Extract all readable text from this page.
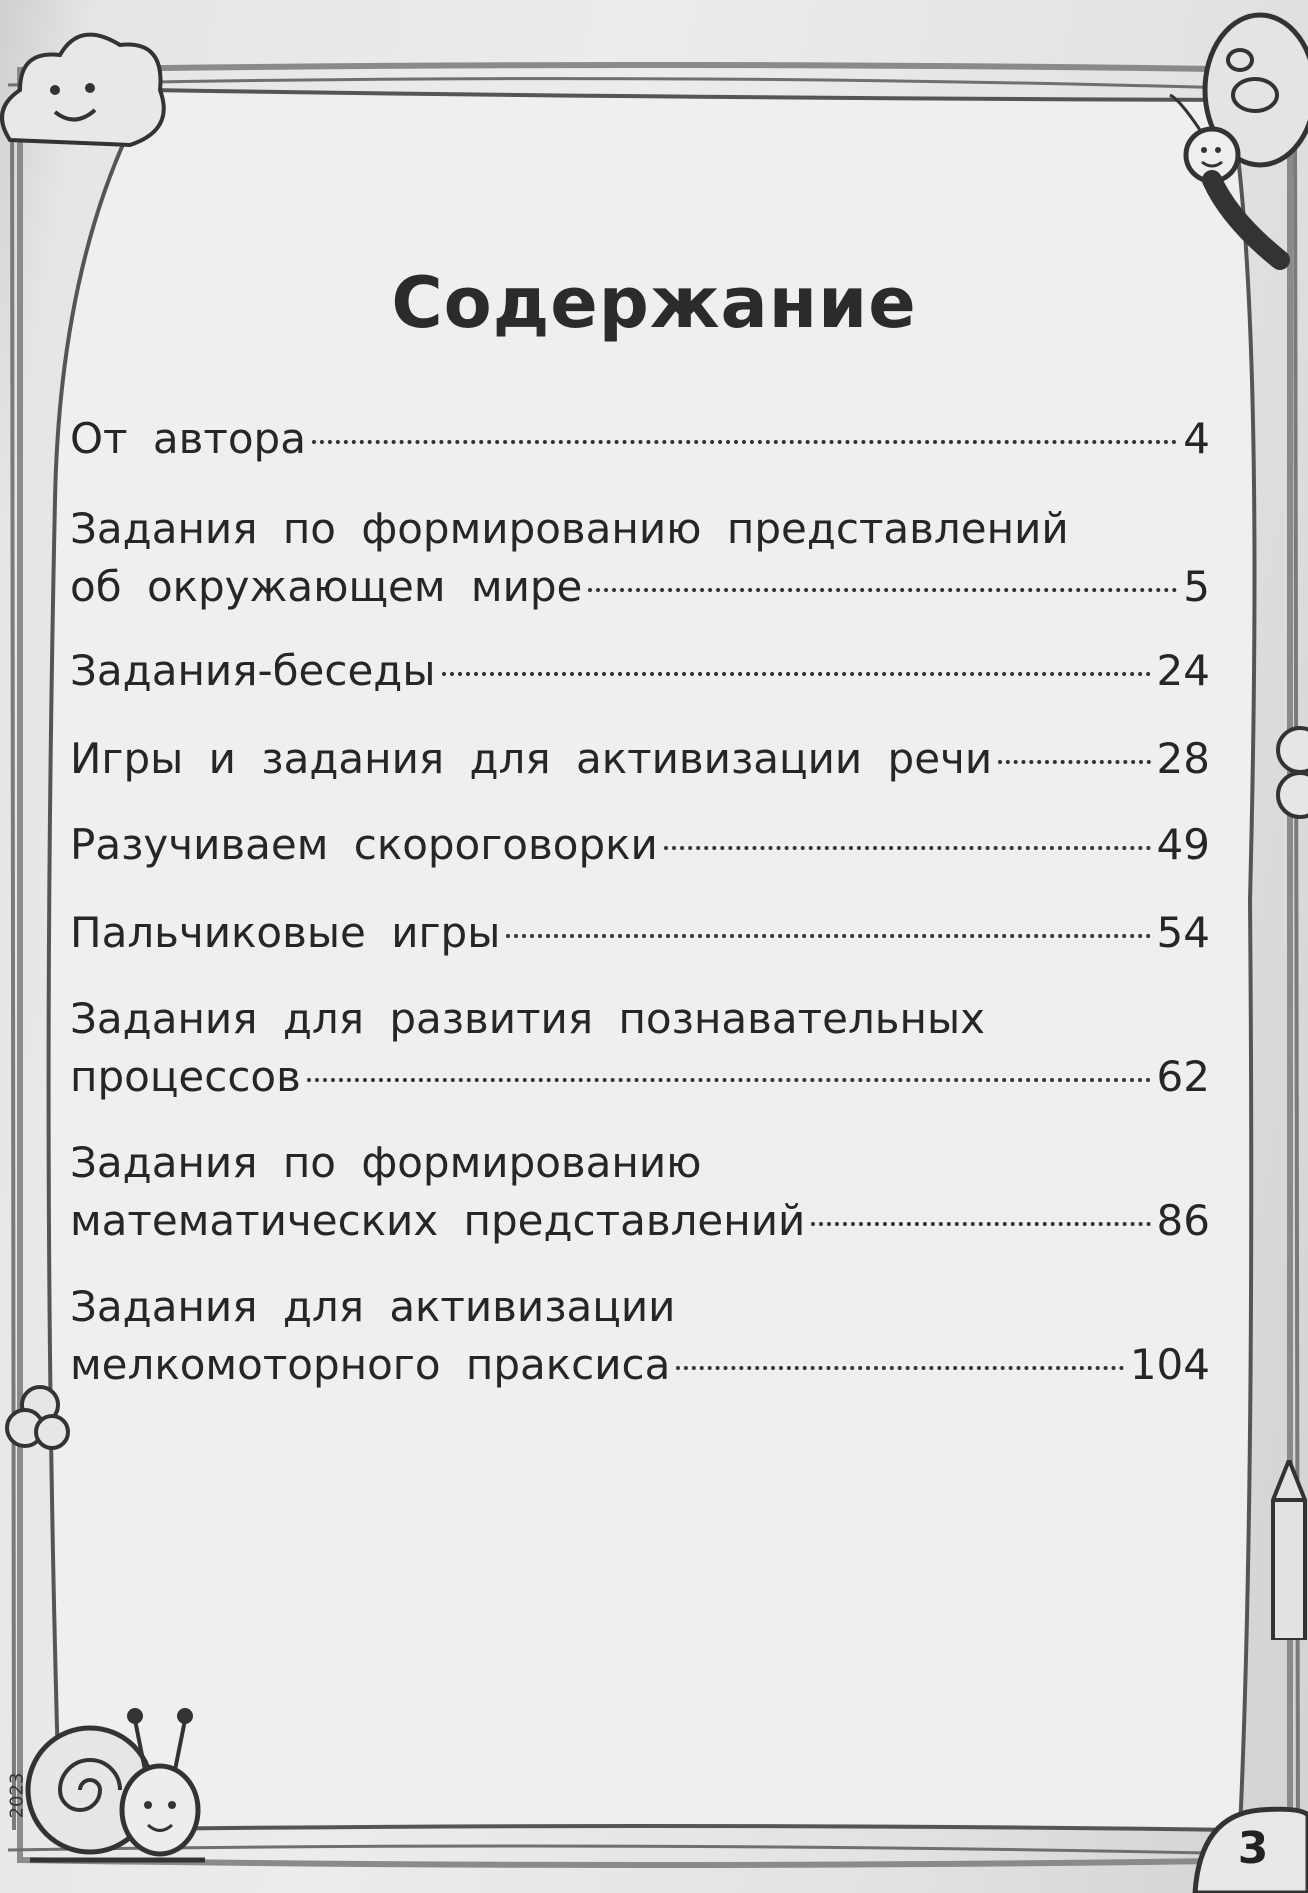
Содержание
От автора	4
Задания по формированию представлений
об окружающем мире	5
Задания-беседы	24
Игры и задания для активизации речи	28
Разучиваем скороговорки	49
Пальчиковые игры	54
Задания для развития познавательных
процессов	62
Задания по формированию
математических представлений	86
Задания для активизации
мелкомоторного праксиса	104
3
2023
